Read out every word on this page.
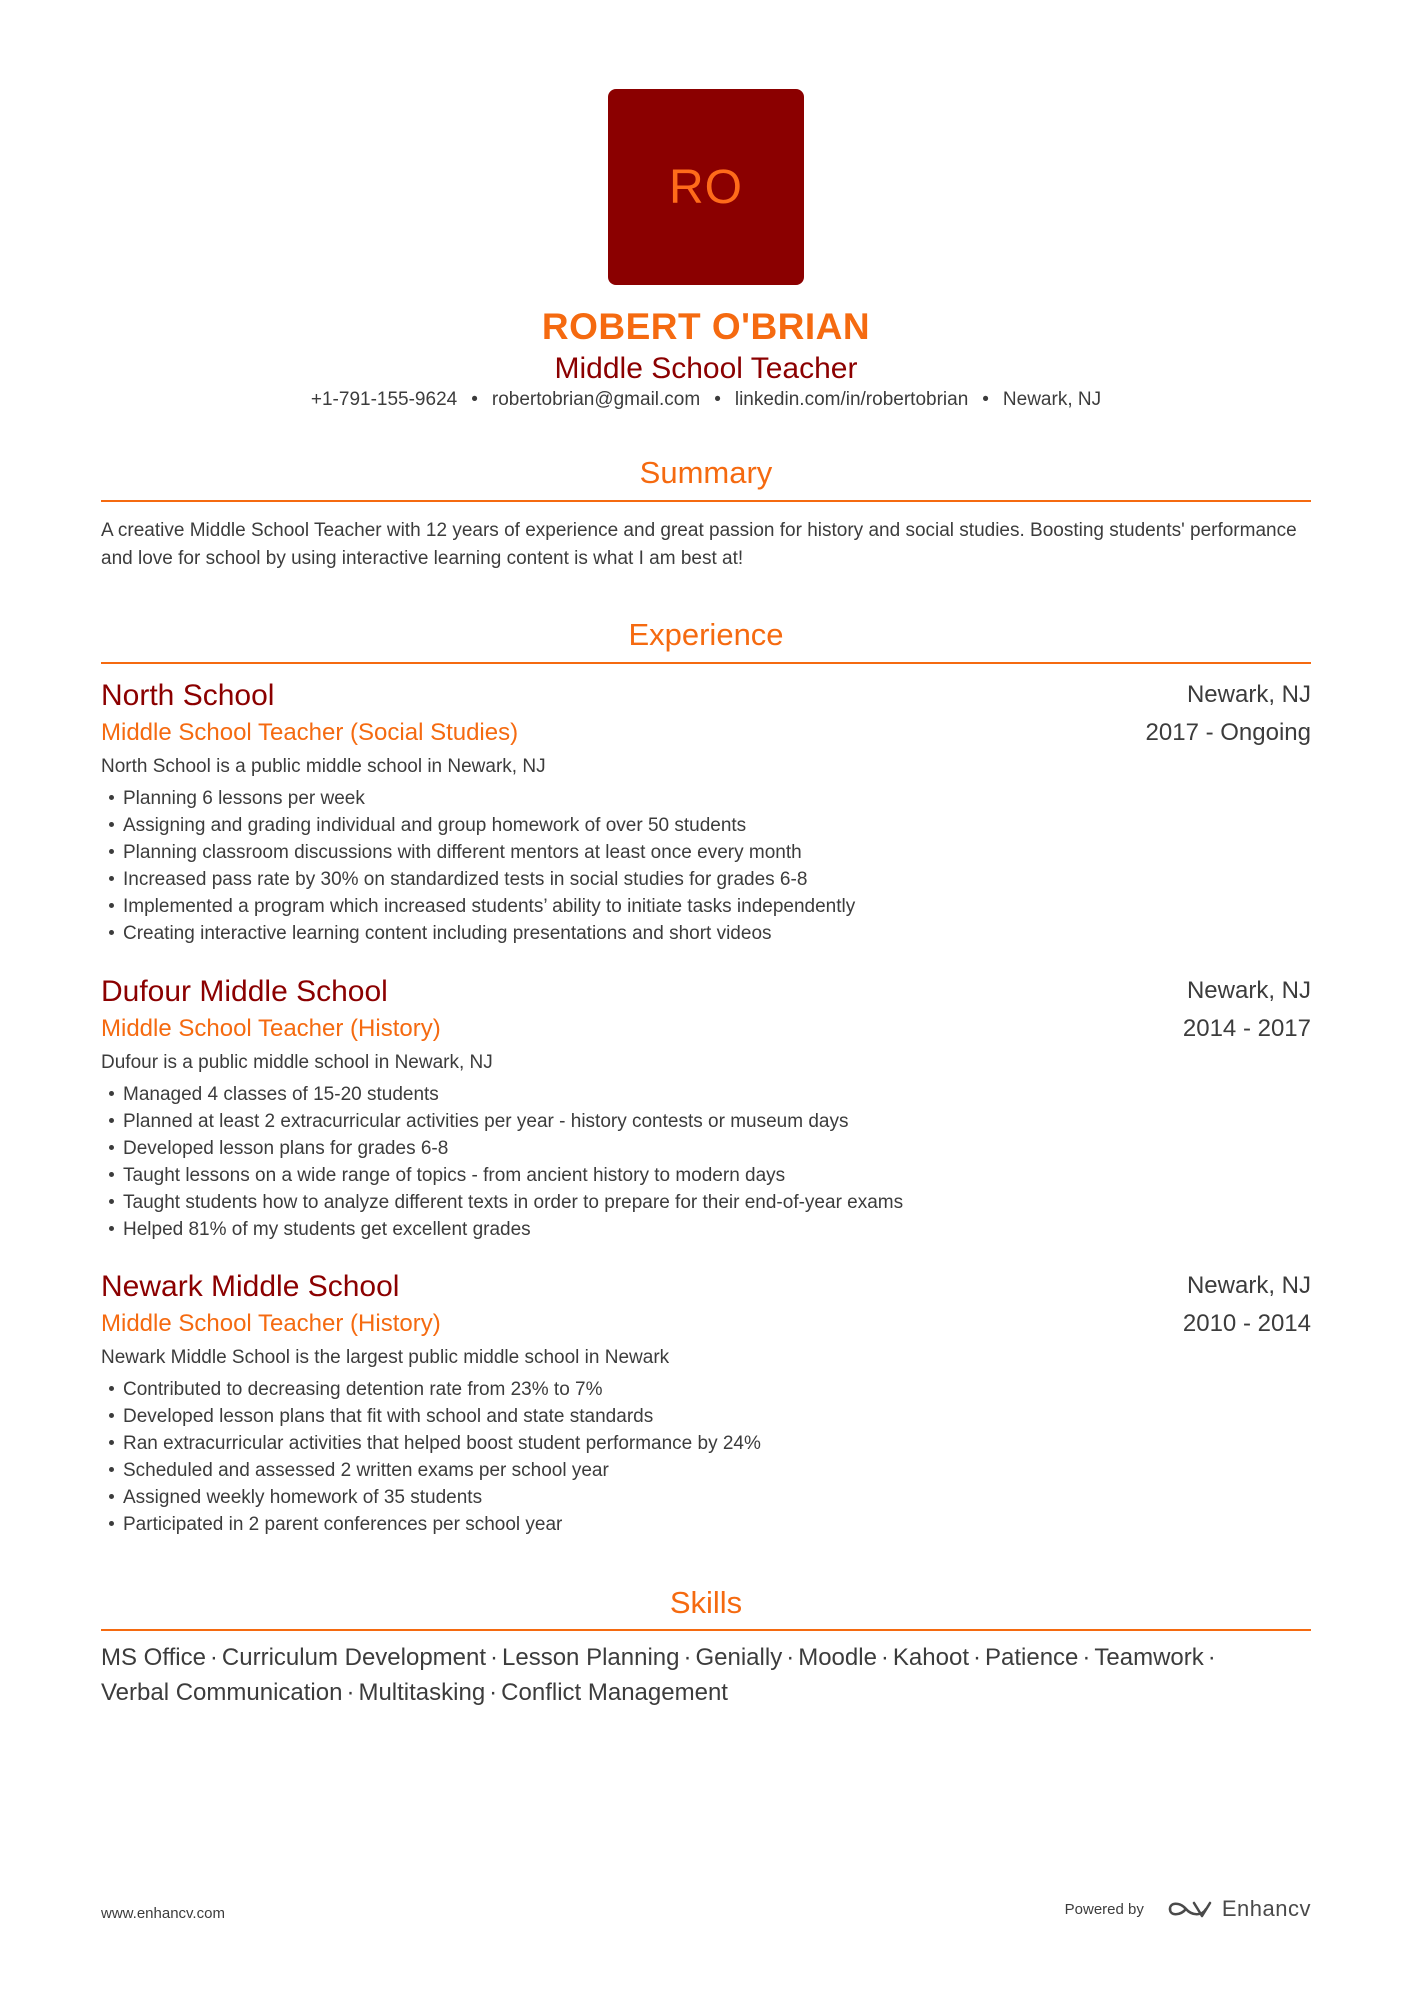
RO
ROBERT O'BRIAN
Middle School Teacher
+1-791-155-9624 • robertobrian@gmail.com • linkedin.com/in/robertobrian • Newark, NJ
Summary
A creative Middle School Teacher with 12 years of experience and great passion for history and social studies. Boosting students' performance and love for school by using interactive learning content is what I am best at!
Experience
North School	Newark, NJ
Middle School Teacher (Social Studies)	2017 - Ongoing
North School is a public middle school in Newark, NJ
Planning 6 lessons per week
Assigning and grading individual and group homework of over 50 students
Planning classroom discussions with different mentors at least once every month
Increased pass rate by 30% on standardized tests in social studies for grades 6-8
Implemented a program which increased students’ ability to initiate tasks independently
Creating interactive learning content including presentations and short videos
Dufour Middle School	Newark, NJ
Middle School Teacher (History)	2014 - 2017
Dufour is a public middle school in Newark, NJ
Managed 4 classes of 15-20 students
Planned at least 2 extracurricular activities per year - history contests or museum days
Developed lesson plans for grades 6-8
Taught lessons on a wide range of topics - from ancient history to modern days
Taught students how to analyze different texts in order to prepare for their end-of-year exams
Helped 81% of my students get excellent grades
Newark Middle School	Newark, NJ
Middle School Teacher (History)	2010 - 2014
Newark Middle School is the largest public middle school in Newark
Contributed to decreasing detention rate from 23% to 7%
Developed lesson plans that fit with school and state standards
Ran extracurricular activities that helped boost student performance by 24%
Scheduled and assessed 2 written exams per school year
Assigned weekly homework of 35 students
Participated in 2 parent conferences per school year
Skills
MS Office · Curriculum Development · Lesson Planning · Genially · Moodle · Kahoot · Patience · Teamwork ·
Verbal Communication · Multitasking · Conflict Management
www.enhancv.com	Powered by	Enhancv
